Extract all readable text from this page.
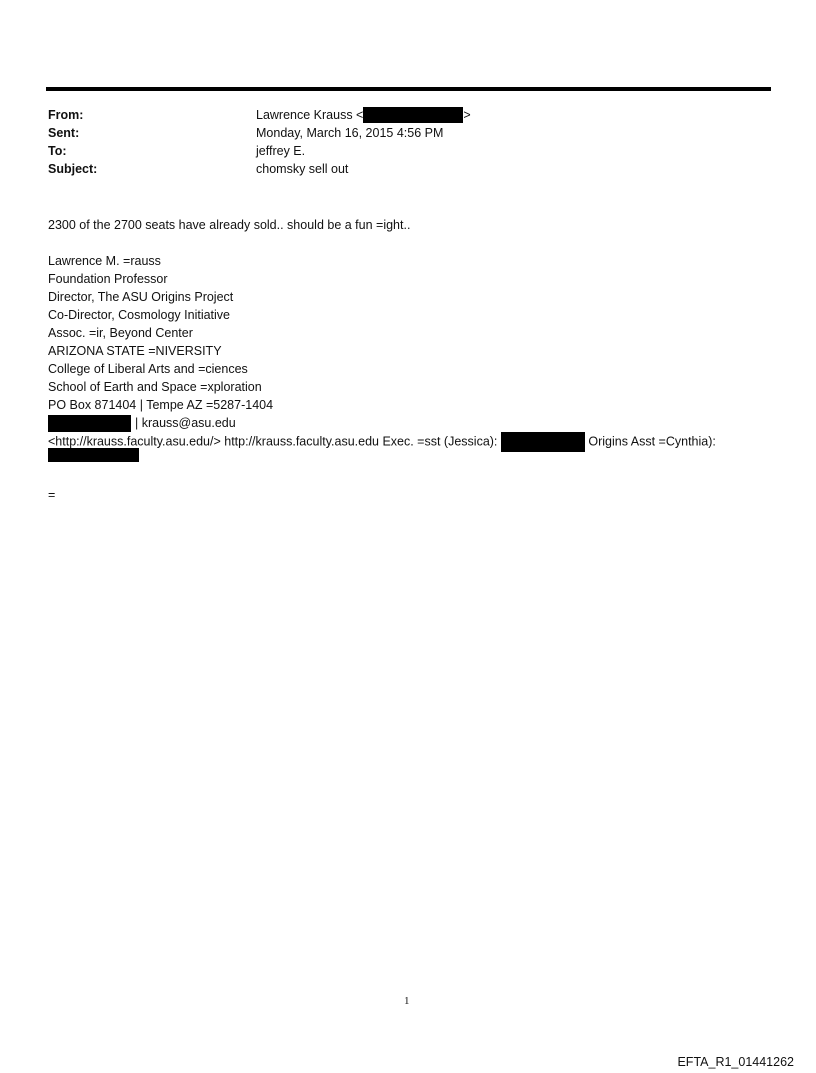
From:	Lawrence Krauss <	>
Sent:	Monday, March 16, 2015 4:56 PM
To:	jeffrey E.
Subject:	chomsky sell out
2300 of the 2700 seats have already sold.. should be a fun =ight..
Lawrence M. =rauss
Foundation Professor
Director, The ASU Origins Project
Co-Director, Cosmology Initiative
Assoc. =ir, Beyond Center
ARIZONA STATE =NIVERSITY
College of Liberal Arts and =ciences
School of Earth and Space =xploration
PO Box 871404 | Tempe AZ =5287-1404
| krauss@asu.edu
<http://krauss.faculty.asu.edu/> http://krauss.faculty.asu.edu Exec. =sst (Jessica):	Origins Asst =Cynthia):
=
1
EFTA_R1_01441262
